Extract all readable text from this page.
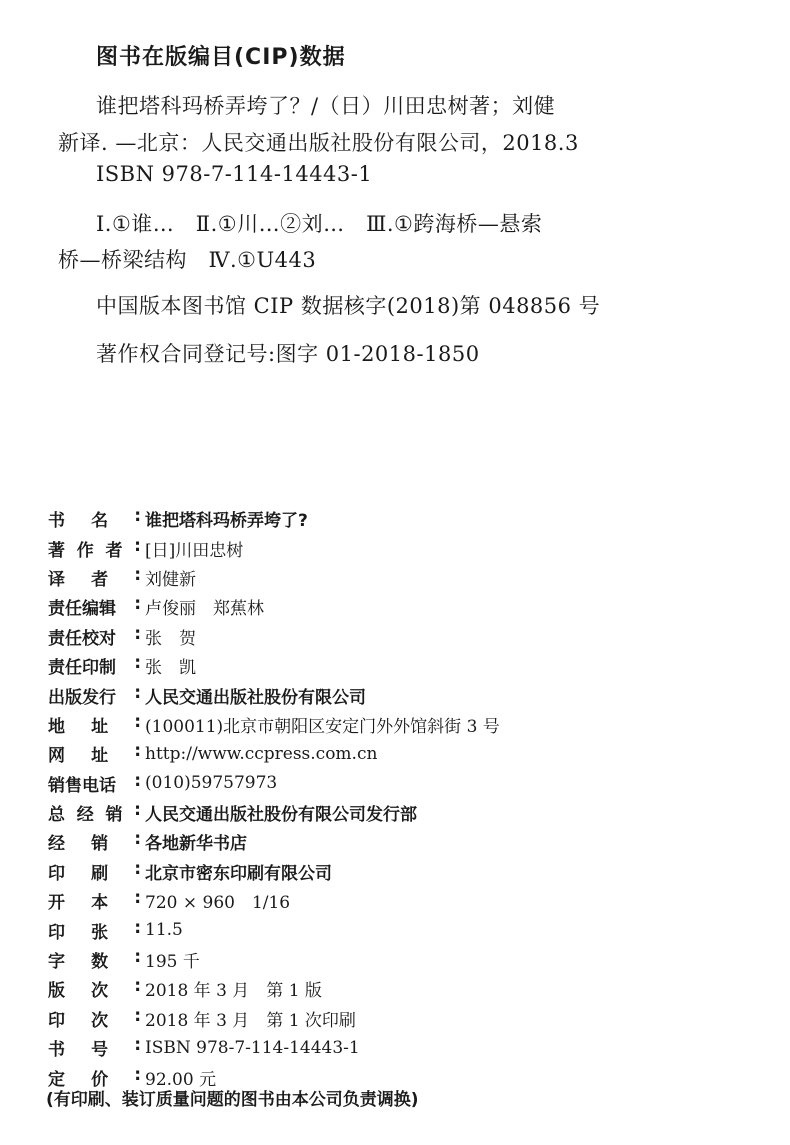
图书在版编目(CIP)数据
谁把塔科玛桥弄垮了？/（日）川田忠树著；刘健
新译. —北京：人民交通出版社股份有限公司，2018.3
ISBN 978-7-114-14443-1
Ⅰ.①谁…　Ⅱ.①川…②刘…　Ⅲ.①跨海桥—悬索
桥—桥梁结构　Ⅳ.①U443
中国版本图书馆 CIP 数据核字(2018)第 048856 号
著作权合同登记号:图字 01-2018-1850
书 名 : 谁把塔科玛桥弄垮了?
著 作 者 : [日]川田忠树
译 者 : 刘健新
责任编辑 : 卢俊丽　郑蕉林
责任校对 : 张　贺
责任印制 : 张　凯
出版发行 : 人民交通出版社股份有限公司
地 址 : (100011)北京市朝阳区安定门外外馆斜街 3 号
网 址 : http://www.ccpress.com.cn
销售电话 : (010)59757973
总 经 销 : 人民交通出版社股份有限公司发行部
经 销 : 各地新华书店
印 刷 : 北京市密东印刷有限公司
开 本 : 720 × 960　1/16
印 张 : 11.5
字 数 : 195 千
版 次 : 2018 年 3 月　第 1 版
印 次 : 2018 年 3 月　第 1 次印刷
书 号 : ISBN 978-7-114-14443-1
定 价 : 92.00 元
(有印刷、装订质量问题的图书由本公司负责调换)
